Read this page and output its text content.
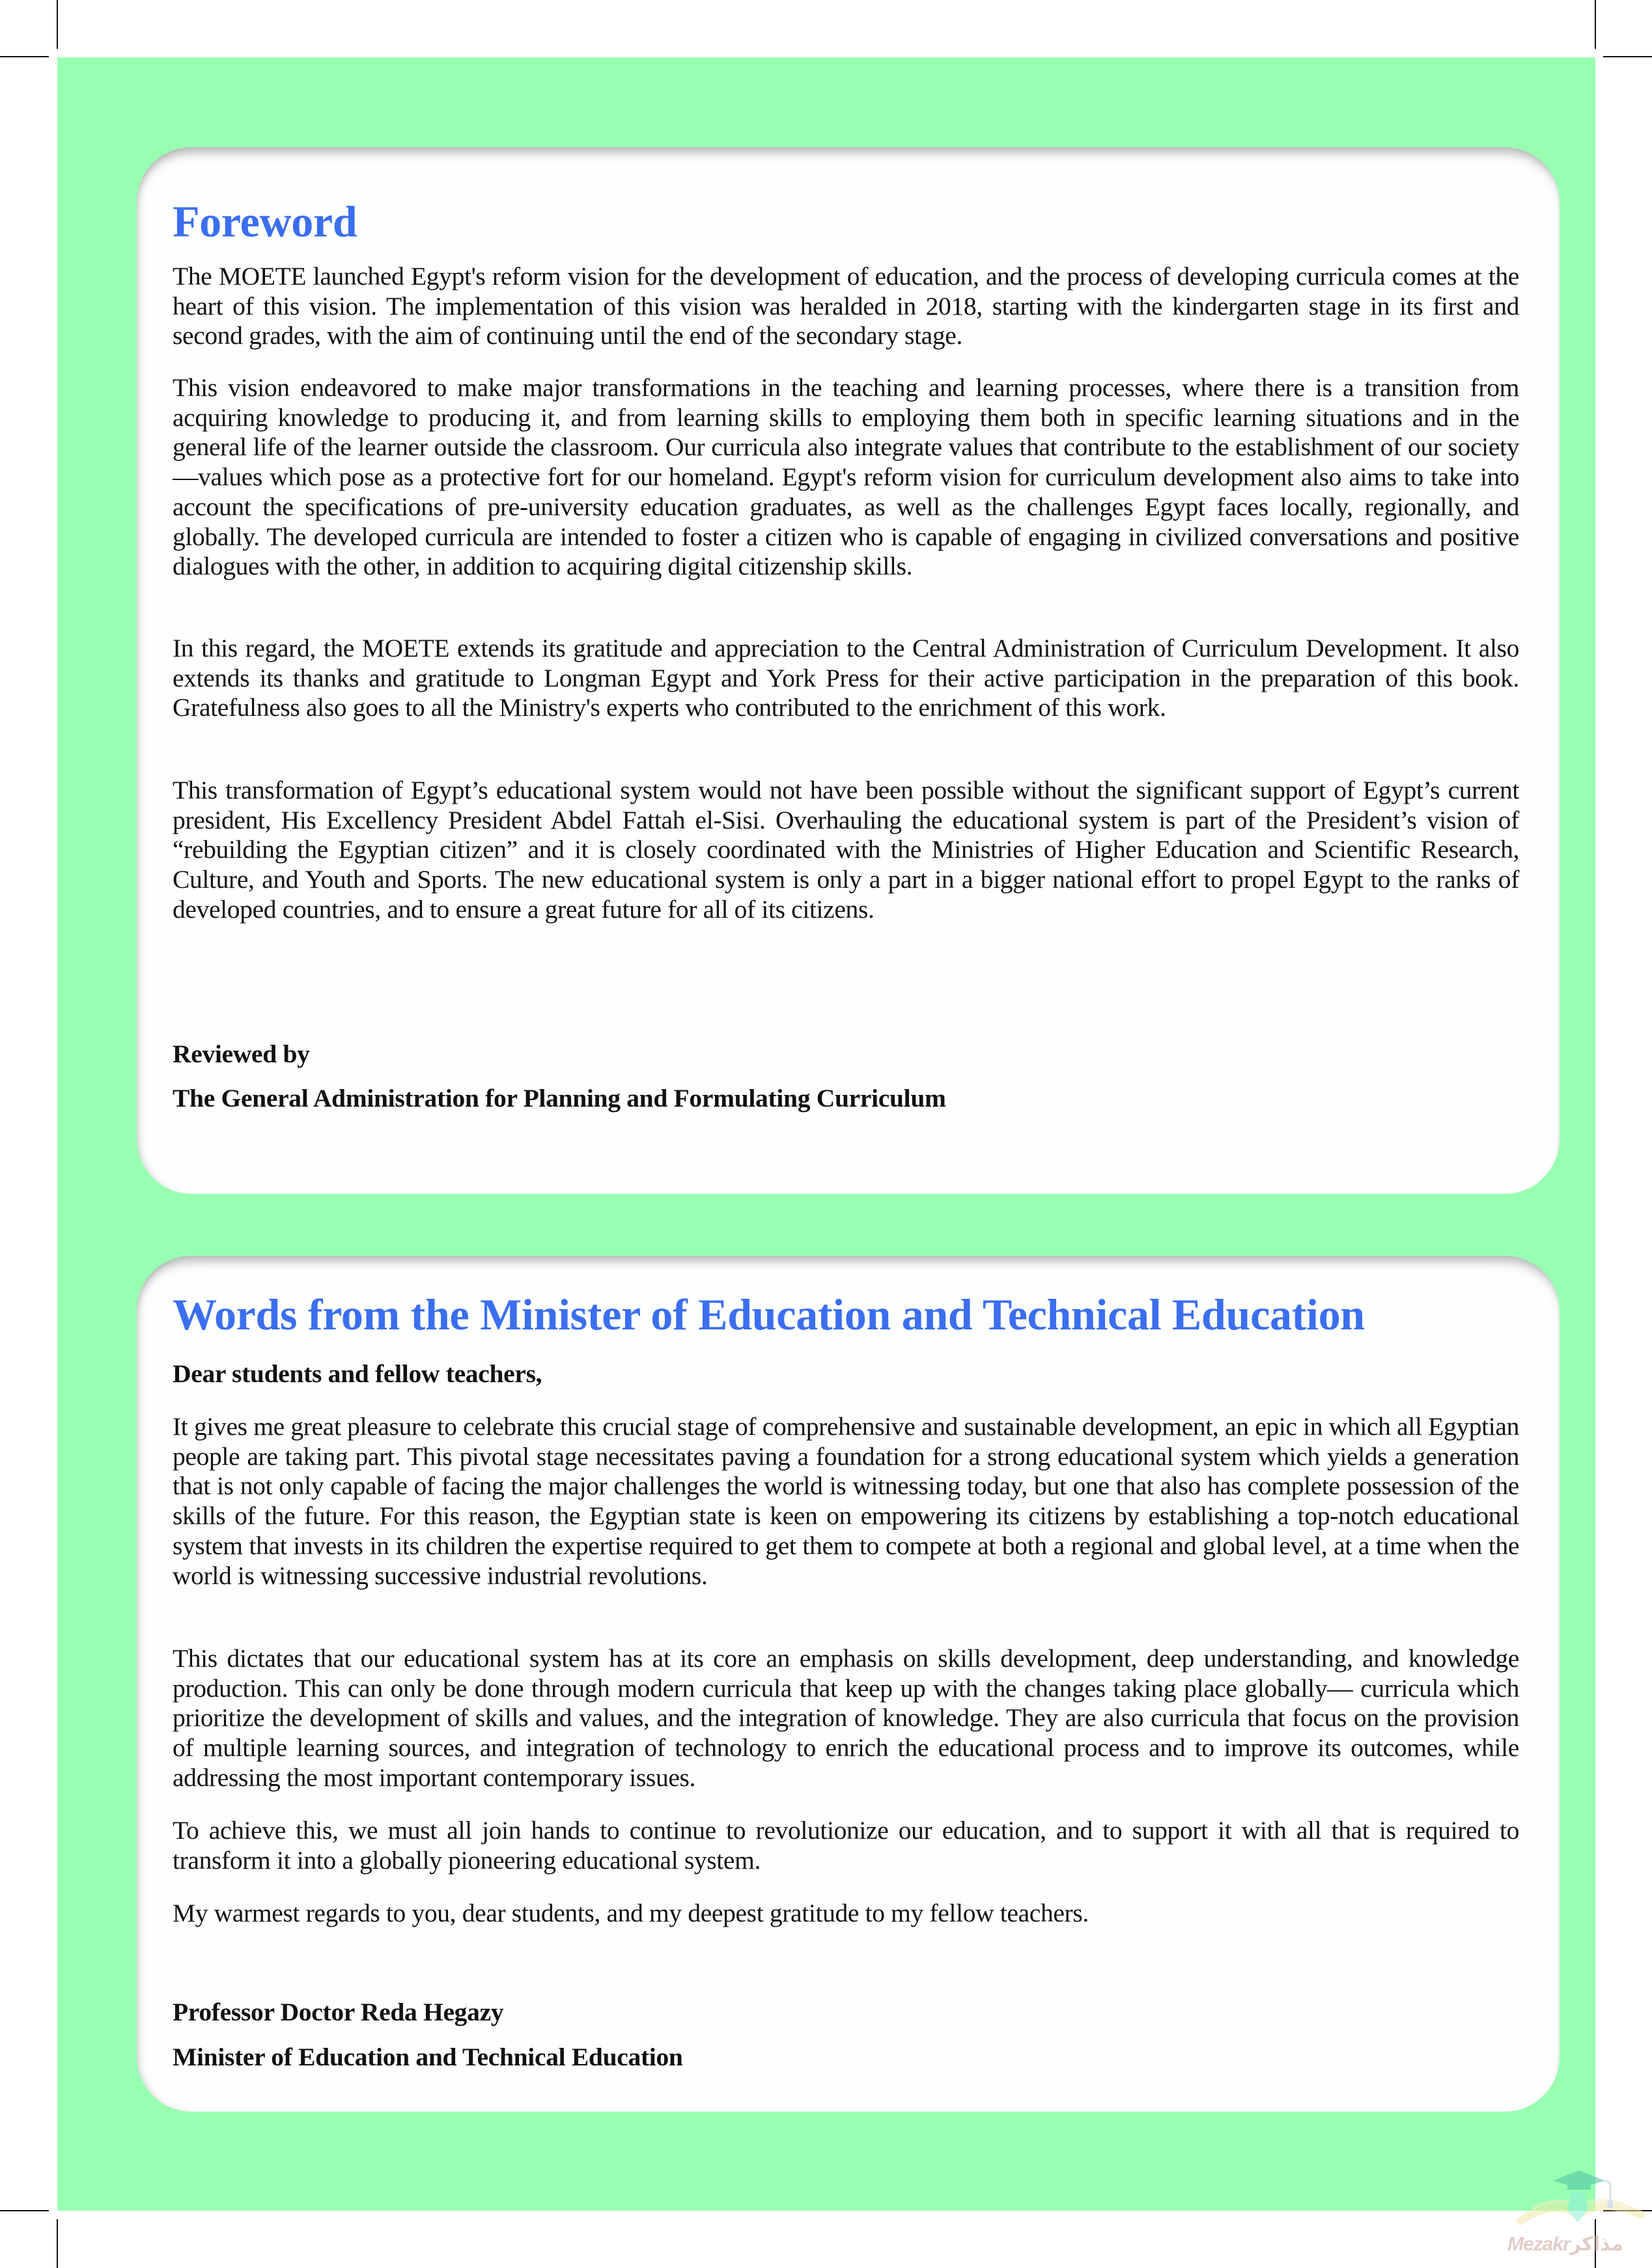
Foreword

The MOETE launched Egypt's reform vision for the development of education, and the process of developing curricula comes at the heart of this vision. The implementation of this vision was heralded in 2018, starting with the kindergarten stage in its first and second grades, with the aim of continuing until the end of the secondary stage.

This vision endeavored to make major transformations in the teaching and learning processes, where there is a transition from acquiring knowledge to producing it, and from learning skills to employing them both in specific learning situations and in the general life of the learner outside the classroom. Our curricula also integrate values that contribute to the establishment of our society—values which pose as a protective fort for our homeland. Egypt's reform vision for curriculum development also aims to take into account the specifications of pre-university education graduates, as well as the challenges Egypt faces locally, regionally, and globally. The developed curricula are intended to foster a citizen who is capable of engaging in civilized conversations and positive dialogues with the other, in addition to acquiring digital citizenship skills.

In this regard, the MOETE extends its gratitude and appreciation to the Central Administration of Curriculum Development. It also extends its thanks and gratitude to Longman Egypt and York Press for their active participation in the preparation of this book. Gratefulness also goes to all the Ministry's experts who contributed to the enrichment of this work.

This transformation of Egypt’s educational system would not have been possible without the significant support of Egypt’s current president, His Excellency President Abdel Fattah el-Sisi. Overhauling the educational system is part of the President’s vision of “rebuilding the Egyptian citizen” and it is closely coordinated with the Ministries of Higher Education and Scientific Research, Culture, and Youth and Sports. The new educational system is only a part in a bigger national effort to propel Egypt to the ranks of developed countries, and to ensure a great future for all of its citizens.

Reviewed by
The General Administration for Planning and Formulating Curriculum
Words from the Minister of Education and Technical Education
Dear students and fellow teachers,

It gives me great pleasure to celebrate this crucial stage of comprehensive and sustainable development, an epic in which all Egyptian people are taking part. This pivotal stage necessitates paving a foundation for a strong educational system which yields a generation that is not only capable of facing the major challenges the world is witnessing today, but one that also has complete possession of the skills of the future. For this reason, the Egyptian state is keen on empowering its citizens by establishing a top-notch educational system that invests in its children the expertise required to get them to compete at both a regional and global level, at a time when the world is witnessing successive industrial revolutions.

This dictates that our educational system has at its core an emphasis on skills development, deep understanding, and knowledge production. This can only be done through modern curricula that keep up with the changes taking place globally— curricula which prioritize the development of skills and values, and the integration of knowledge. They are also curricula that focus on the provision of multiple learning sources, and integration of technology to enrich the educational process and to improve its outcomes, while addressing the most important contemporary issues.

To achieve this, we must all join hands to continue to revolutionize our education, and to support it with all that is required to transform it into a globally pioneering educational system.

My warmest regards to you, dear students, and my deepest gratitude to my fellow teachers.

Professor Doctor Reda Hegazy
Minister of Education and Technical Education
Mezakrمذاكر
